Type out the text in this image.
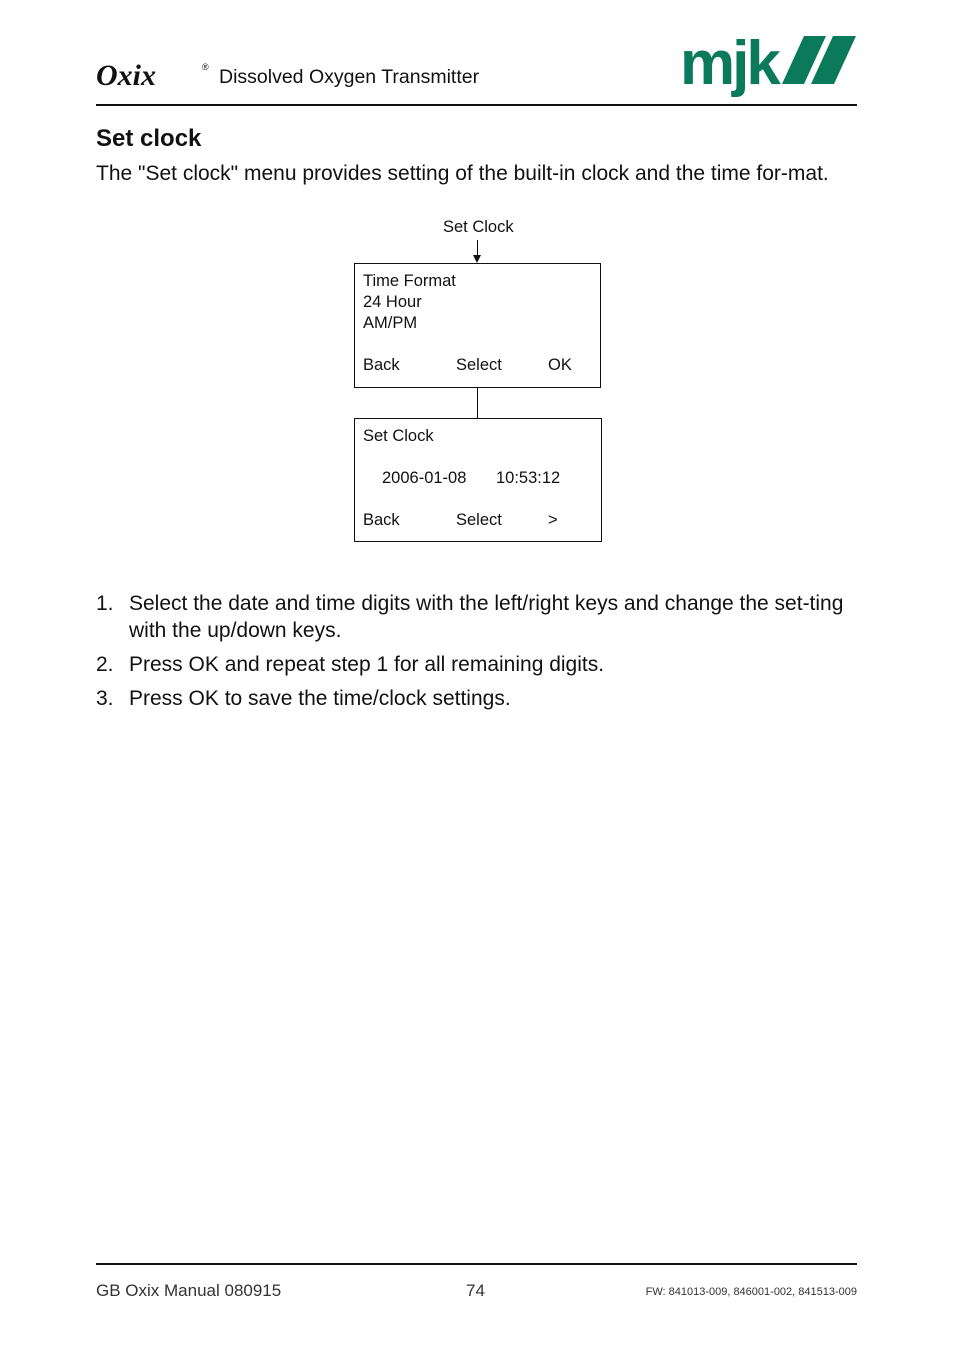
Oxix	® Dissolved Oxygen Transmitter	mjk
Set clock
The "Set clock" menu provides setting of the built-in clock and the time for-mat.
Set Clock
Time Format
24 Hour
AM/PM
Back	Select	OK
Set Clock
2006-01-08 10:53:12
Back	Select	>
1. Select the date and time digits with the left/right keys and change the set-ting with the up/down keys.
2. Press OK and repeat step 1 for all remaining digits.
3. Press OK to save the time/clock settings.
GB Oxix Manual 080915	74	FW: 841013-009, 846001-002, 841513-009
